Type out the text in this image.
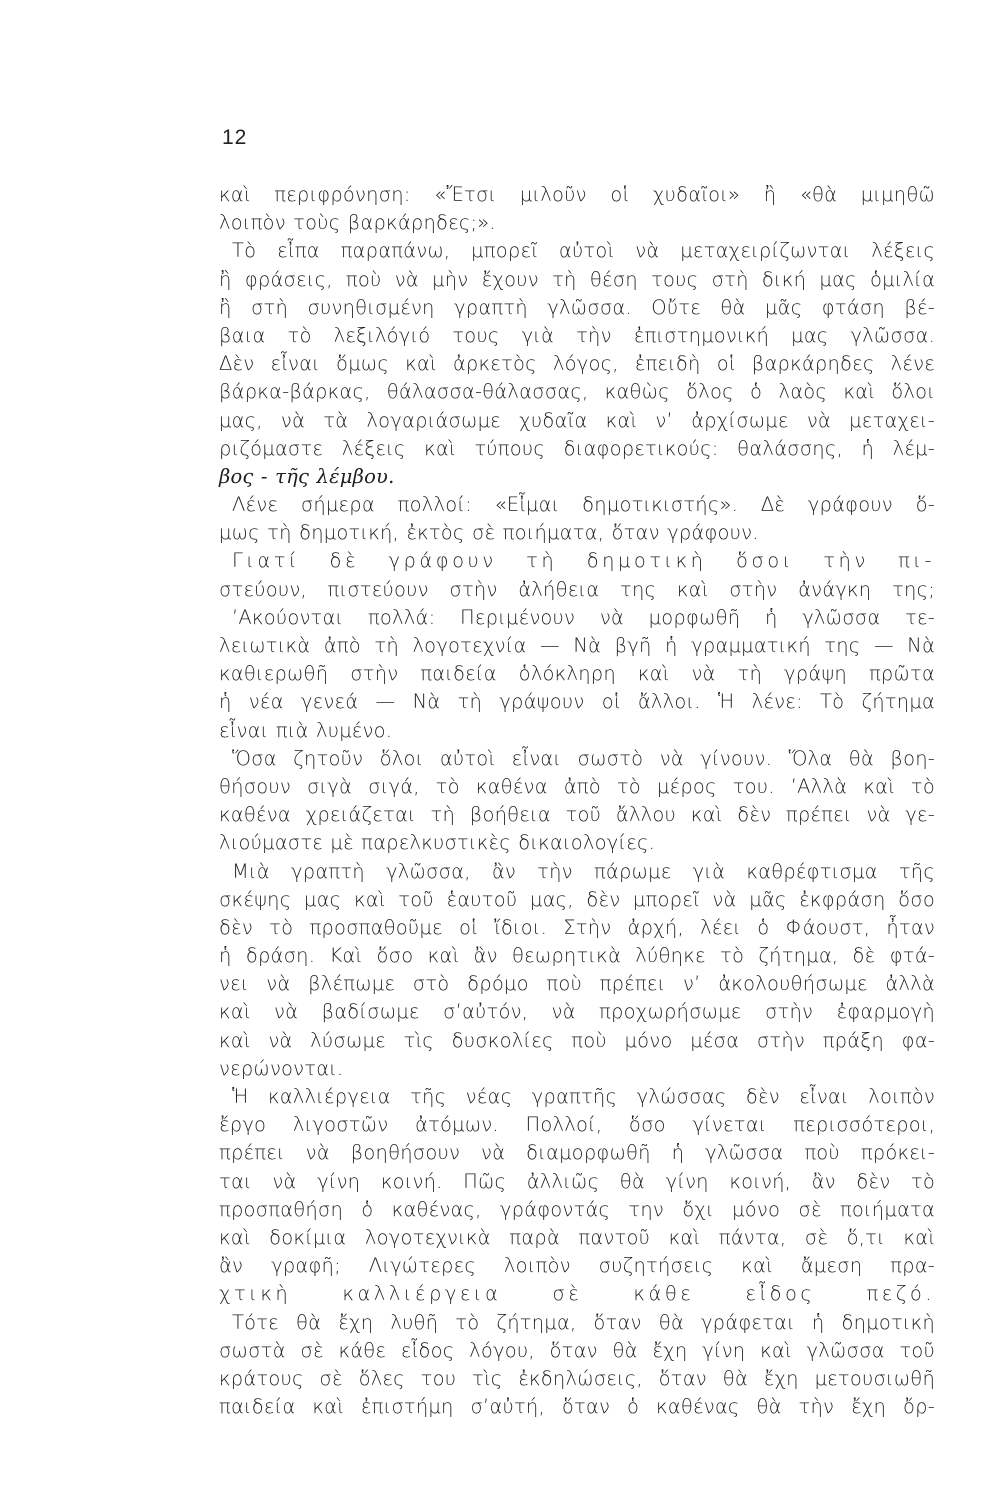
12
καὶ περιφρόνηση: «Ἔτσι μιλοῦν οἱ χυδαῖοι» ἢ «θὰ μιμηθῶ
λοιπὸν τοὺς βαρκάρηδες;».
Τὸ εἶπα παραπάνω, μπορεῖ αὐτοὶ νὰ μεταχειρίζωνται λέξεις
ἢ φράσεις, ποὺ νὰ μὴν ἔχουν τὴ θέση τους στὴ δική μας ὁμιλία
ἢ στὴ συνηθισμένη γραπτὴ γλῶσσα. Οὔτε θὰ μᾶς φτάση βέ-
βαια τὸ λεξιλόγιό τους γιὰ τὴν ἐπιστημονική μας γλῶσσα.
Δὲν εἶναι ὅμως καὶ ἀρκετὸς λόγος, ἐπειδὴ οἱ βαρκάρηδες λένε
βάρκα-βάρκας, θάλασσα-θάλασσας, καθὼς ὅλος ὁ λαὸς καὶ ὅλοι
μας, νὰ τὰ λογαριάσωμε χυδαῖα καὶ ν’ ἀρχίσωμε νὰ μεταχει-
ριζόμαστε λέξεις καὶ τύπους διαφορετικούς: θαλάσσης, ἡ λέμ-
βος - τῆς λέμβου.
Λένε σήμερα πολλοί: «Εἶμαι δημοτικιστής». Δὲ γράφουν ὅ-
μως τὴ δημοτική, ἐκτὸς σὲ ποιήματα, ὅταν γράφουν.
Γιατί δὲ γράφουν τὴ δημοτικὴ ὅσοι τὴν πι-
στεύουν, πιστεύουν στὴν ἀλήθεια της καὶ στὴν ἀνάγκη της;
’Ακούονται πολλά: Περιμένουν νὰ μορφωθῆ ἡ γλῶσσα τε-
λειωτικὰ ἀπὸ τὴ λογοτεχνία — Νὰ βγῆ ἡ γραμματική της — Νὰ
καθιερωθῆ στὴν παιδεία ὁλόκληρη καὶ νὰ τὴ γράψη πρῶτα
ἡ νέα γενεά — Νὰ τὴ γράψουν οἱ ἄλλοι. Ἡ λένε: Τὸ ζήτημα
εἶναι πιὰ λυμένο.
Ὅσα ζητοῦν ὅλοι αὐτοὶ εἶναι σωστὸ νὰ γίνουν. Ὅλα θὰ βοη-
θήσουν σιγὰ σιγά, τὸ καθένα ἀπὸ τὸ μέρος του. ’Αλλὰ καὶ τὸ
καθένα χρειάζεται τὴ βοήθεια τοῦ ἄλλου καὶ δὲν πρέπει νὰ γε-
λιούμαστε μὲ παρελκυστικὲς δικαιολογίες.
Μιὰ γραπτὴ γλῶσσα, ἂν τὴν πάρωμε γιὰ καθρέφτισμα τῆς
σκέψης μας καὶ τοῦ ἑαυτοῦ μας, δὲν μπορεῖ νὰ μᾶς ἐκφράση ὅσο
δὲν τὸ προσπαθοῦμε οἱ ἴδιοι. Στὴν ἀρχή, λέει ὁ Φάουστ, ἦταν
ἡ δράση. Καὶ ὅσο καὶ ἂν θεωρητικὰ λύθηκε τὸ ζήτημα, δὲ φτά-
νει νὰ βλέπωμε στὸ δρόμο ποὺ πρέπει ν’ ἀκολουθήσωμε ἀλλὰ
καὶ νὰ βαδίσωμε σ’αὐτόν, νὰ προχωρήσωμε στὴν ἐφαρμογὴ
καὶ νὰ λύσωμε τὶς δυσκολίες ποὺ μόνο μέσα στὴν πράξη φα-
νερώνονται.
Ἡ καλλιέργεια τῆς νέας γραπτῆς γλώσσας δὲν εἶναι λοιπὸν
ἔργο λιγοστῶν ἀτόμων. Πολλοί, ὅσο γίνεται περισσότεροι,
πρέπει νὰ βοηθήσουν νὰ διαμορφωθῆ ἡ γλῶσσα ποὺ πρόκει-
ται νὰ γίνη κοινή. Πῶς ἀλλιῶς θὰ γίνη κοινή, ἂν δὲν τὸ
προσπαθήση ὁ καθένας, γράφοντάς την ὄχι μόνο σὲ ποιήματα
καὶ δοκίμια λογοτεχνικὰ παρὰ παντοῦ καὶ πάντα, σὲ ὅ,τι καὶ
ἂν γραφῆ; Λιγώτερες λοιπὸν συζητήσεις καὶ ἄμεση πρα-
χτικὴ καλλιέργεια σὲ κάθε εἶδος πεζό.
Τότε θὰ ἔχη λυθῆ τὸ ζήτημα, ὅταν θὰ γράφεται ἡ δημοτικὴ
σωστὰ σὲ κάθε εἶδος λόγου, ὅταν θὰ ἔχη γίνη καὶ γλῶσσα τοῦ
κράτους σὲ ὅλες του τὶς ἐκδηλώσεις, ὅταν θὰ ἔχη μετουσιωθῆ
παιδεία καὶ ἐπιστήμη σ’αὐτή, ὅταν ὁ καθένας θὰ τὴν ἔχη ὄρ-
